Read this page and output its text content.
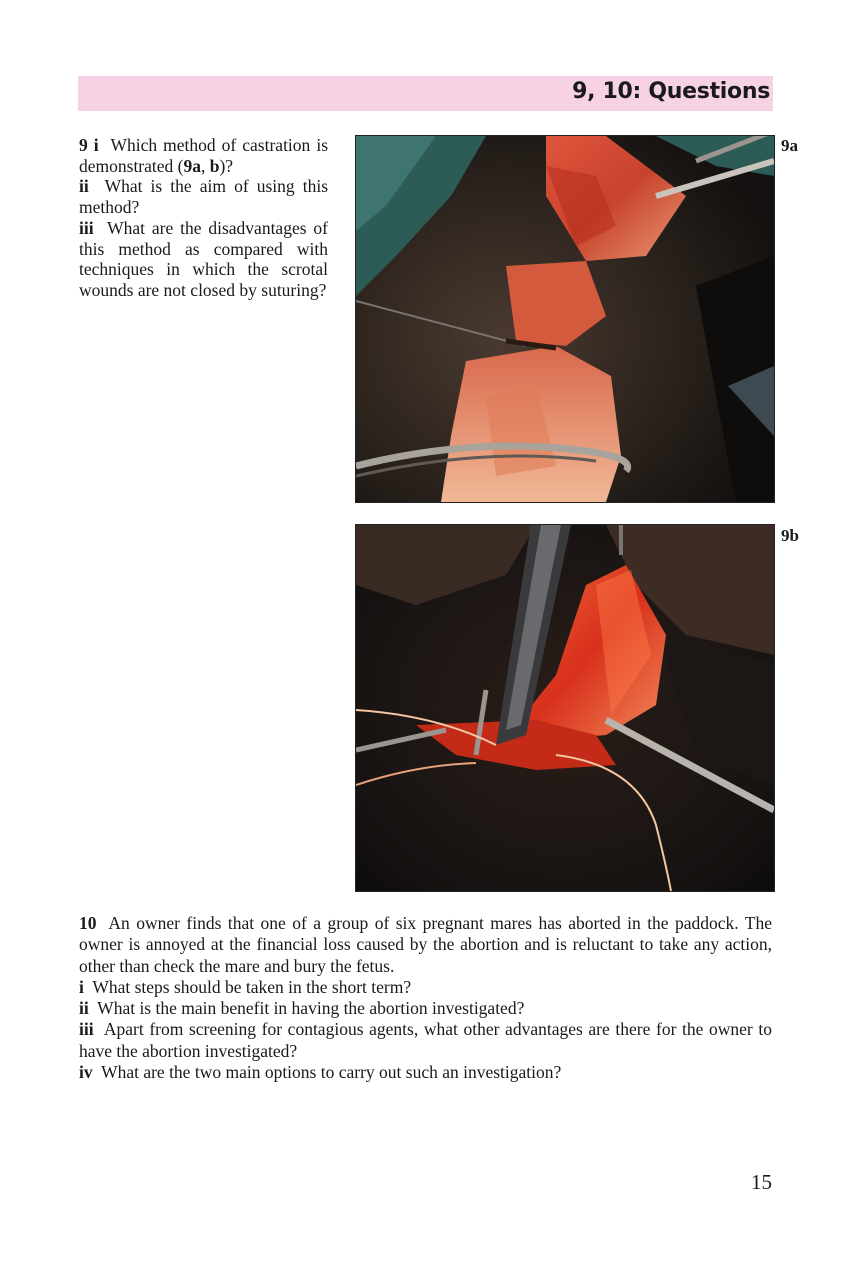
9, 10: Questions

9 i Which method of castration is demonstrated (9a, b)?

ii What is the aim of using this method?

iii What are the disadvantages of this method as compared with techniques in which the scrotal wounds are not closed by suturing?

9a
9b

10 An owner finds that one of a group of six pregnant mares has aborted in the paddock. The owner is annoyed at the financial loss caused by the abortion and is reluctant to take any action, other than check the mare and bury the fetus.

i What steps should be taken in the short term?

ii What is the main benefit in having the abortion investigated?

iii Apart from screening for contagious agents, what other advantages are there for the owner to have the abortion investigated?

iv What are the two main options to carry out such an investigation?

15
